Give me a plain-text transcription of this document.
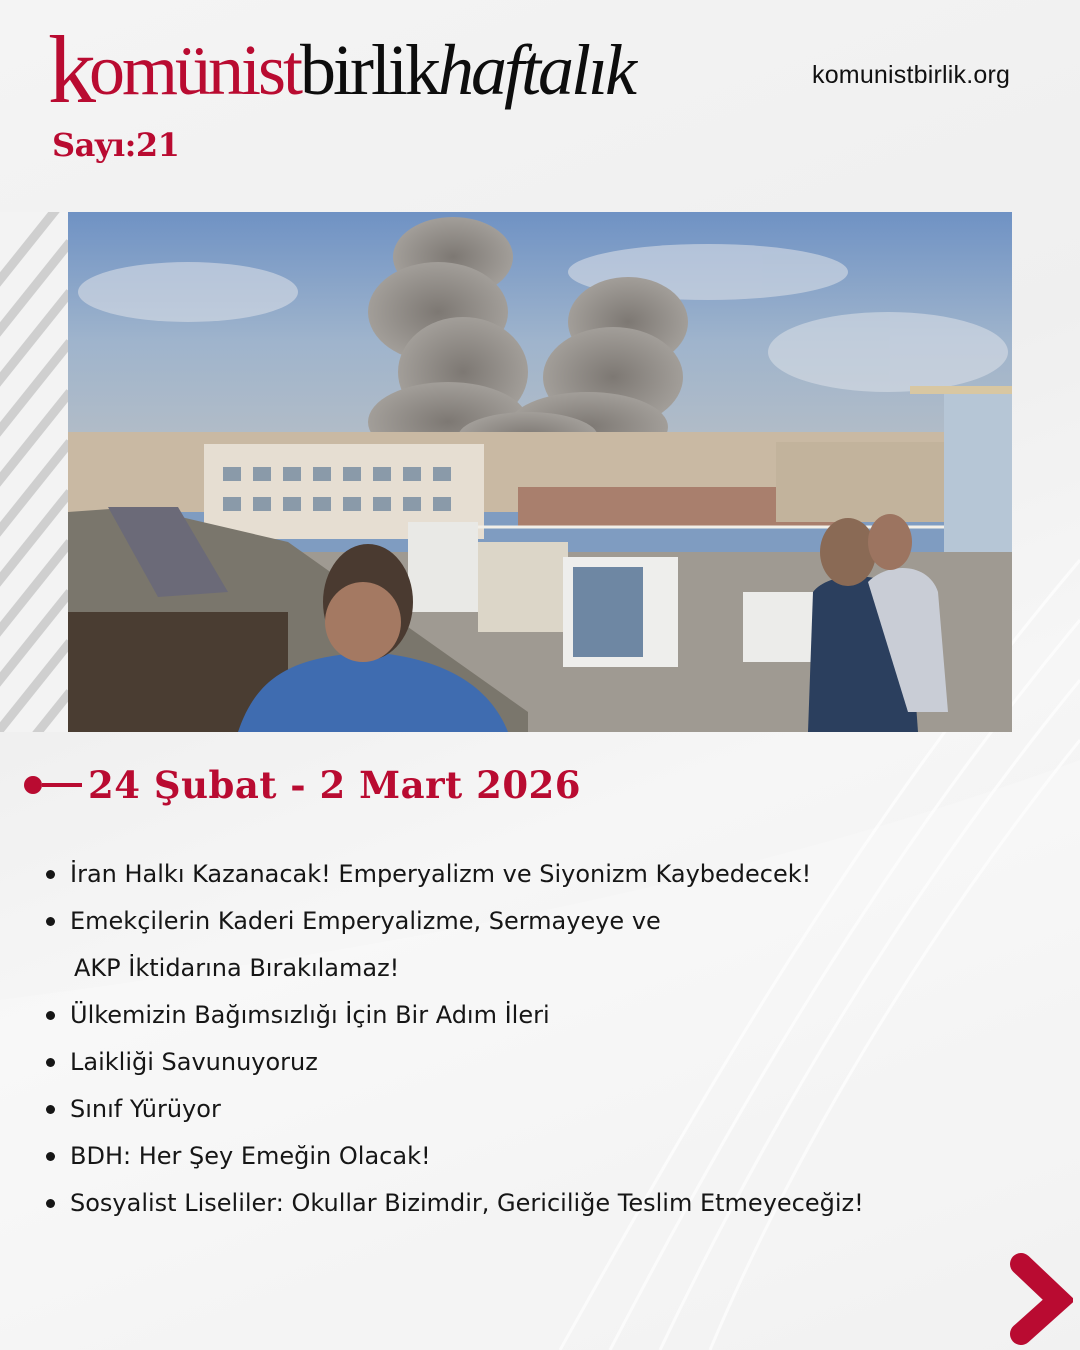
komünistbirlikhaftalık	komunistbirlik.org
Sayı:21
24 Şubat - 2 Mart 2026
İran Halkı Kazanacak! Emperyalizm ve Siyonizm Kaybedecek!
Emekçilerin Kaderi Emperyalizme, Sermayeye ve
AKP İktidarına Bırakılamaz!
Ülkemizin Bağımsızlığı İçin Bir Adım İleri
Laikliği Savunuyoruz
Sınıf Yürüyor
BDH: Her Şey Emeğin Olacak!
Sosyalist Liseliler: Okullar Bizimdir, Gericiliğe Teslim Etmeyeceğiz!
